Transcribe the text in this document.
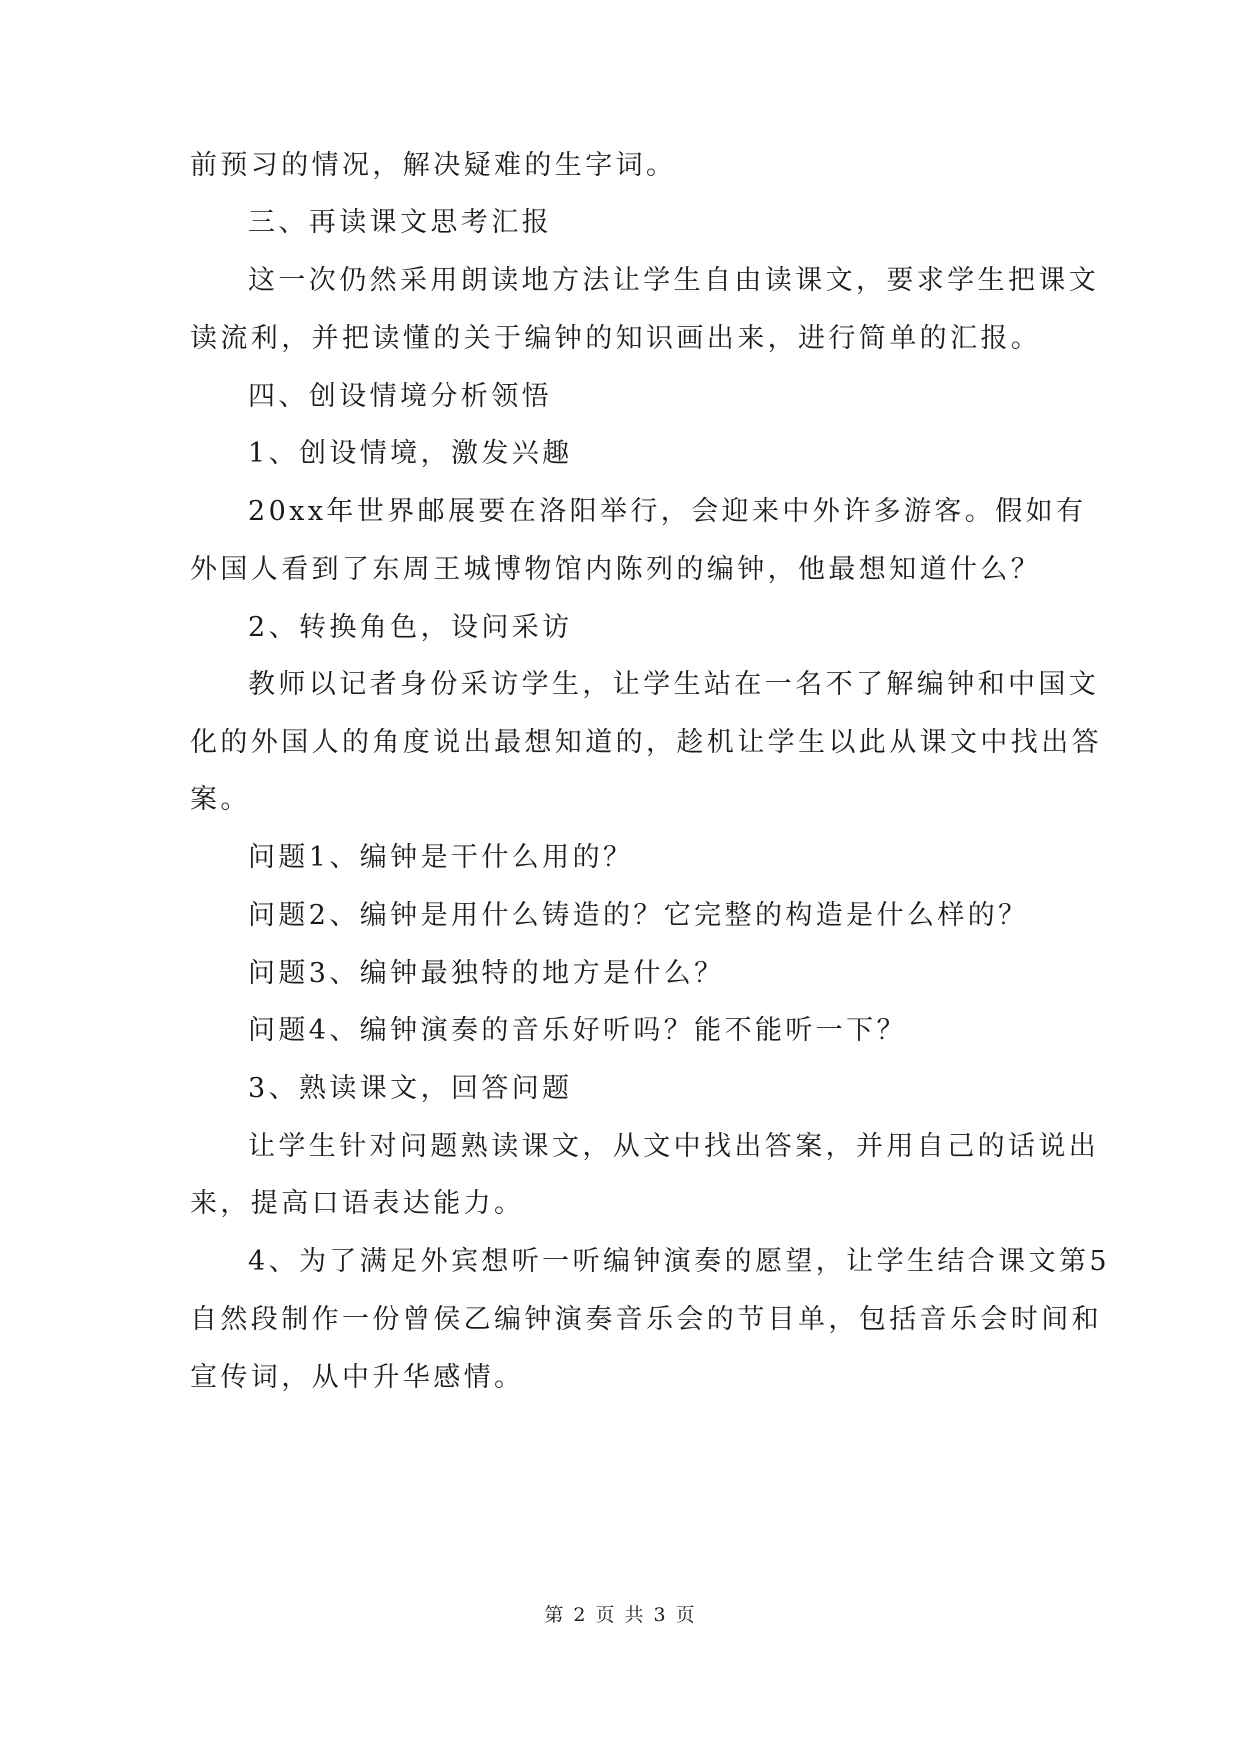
前预习的情况，解决疑难的生字词。
三、再读课文思考汇报
这一次仍然采用朗读地方法让学生自由读课文，要求学生把课文
读流利，并把读懂的关于编钟的知识画出来，进行简单的汇报。
四、创设情境分析领悟
1、创设情境，激发兴趣
20xx年世界邮展要在洛阳举行，会迎来中外许多游客。假如有
外国人看到了东周王城博物馆内陈列的编钟，他最想知道什么？
2、转换角色，设问采访
教师以记者身份采访学生，让学生站在一名不了解编钟和中国文
化的外国人的角度说出最想知道的，趁机让学生以此从课文中找出答
案。
问题1、编钟是干什么用的？
问题2、编钟是用什么铸造的？它完整的构造是什么样的？
问题3、编钟最独特的地方是什么？
问题4、编钟演奏的音乐好听吗？能不能听一下？
3、熟读课文，回答问题
让学生针对问题熟读课文，从文中找出答案，并用自己的话说出
来，提高口语表达能力。
4、为了满足外宾想听一听编钟演奏的愿望，让学生结合课文第5
自然段制作一份曾侯乙编钟演奏音乐会的节目单，包括音乐会时间和
宣传词，从中升华感情。
第 2 页 共 3 页
